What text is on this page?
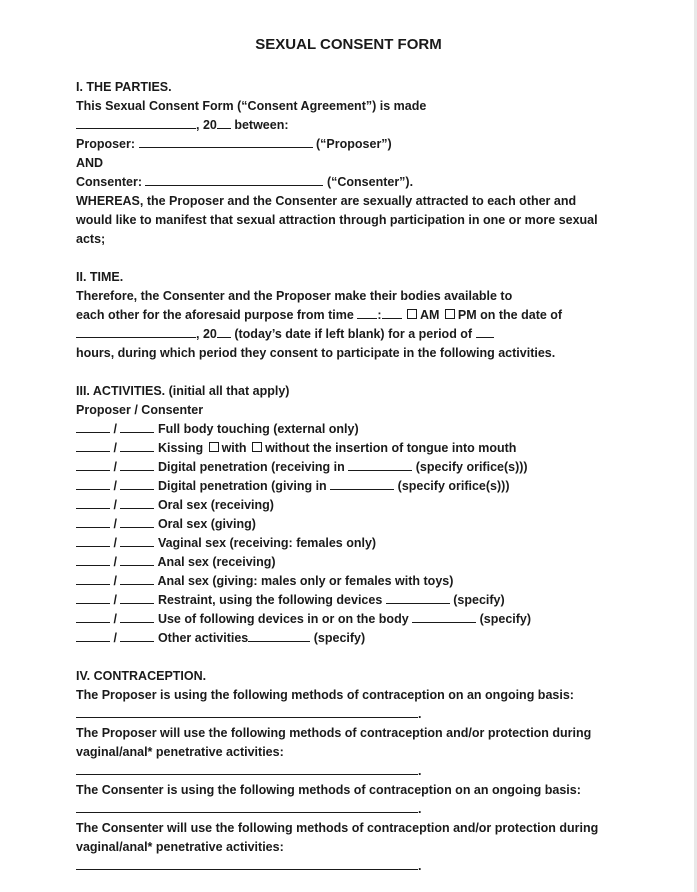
SEXUAL CONSENT FORM
I. THE PARTIES.
This Sexual Consent Form (“Consent Agreement”) is made
, 20 between:
Proposer:	(“Proposer”)
AND
Consenter:	(“Consenter”).
WHEREAS, the Proposer and the Consenter are sexually attracted to each other and
would like to manifest that sexual attraction through participation in one or more sexual
acts;
II. TIME.
Therefore, the Consenter and the Proposer make their bodies available to
each other for the aforesaid purpose from time :	AM PM on the date of
, 20 (today’s date if left blank) for a period of
hours, during which period they consent to participate in the following activities.
III. ACTIVITIES. (initial all that apply)
Proposer / Consenter
/	Full body touching (external only)
/	Kissing with without the insertion of tongue into mouth
/	Digital penetration (receiving in	(specify orifice(s)))
/	Digital penetration (giving in	(specify orifice(s)))
/	Oral sex (receiving)
/	Oral sex (giving)
/	Vaginal sex (receiving: females only)
/	Anal sex (receiving)
/	Anal sex (giving: males only or females with toys)
/	Restraint, using the following devices	(specify)
/	Use of following devices in or on the body	(specify)
/	Other activities	(specify)
IV. CONTRACEPTION.
The Proposer is using the following methods of contraception on an ongoing basis:
.
The Proposer will use the following methods of contraception and/or protection during
vaginal/anal* penetrative activities:
.
The Consenter is using the following methods of contraception on an ongoing basis:
.
The Consenter will use the following methods of contraception and/or protection during
vaginal/anal* penetrative activities:
.
